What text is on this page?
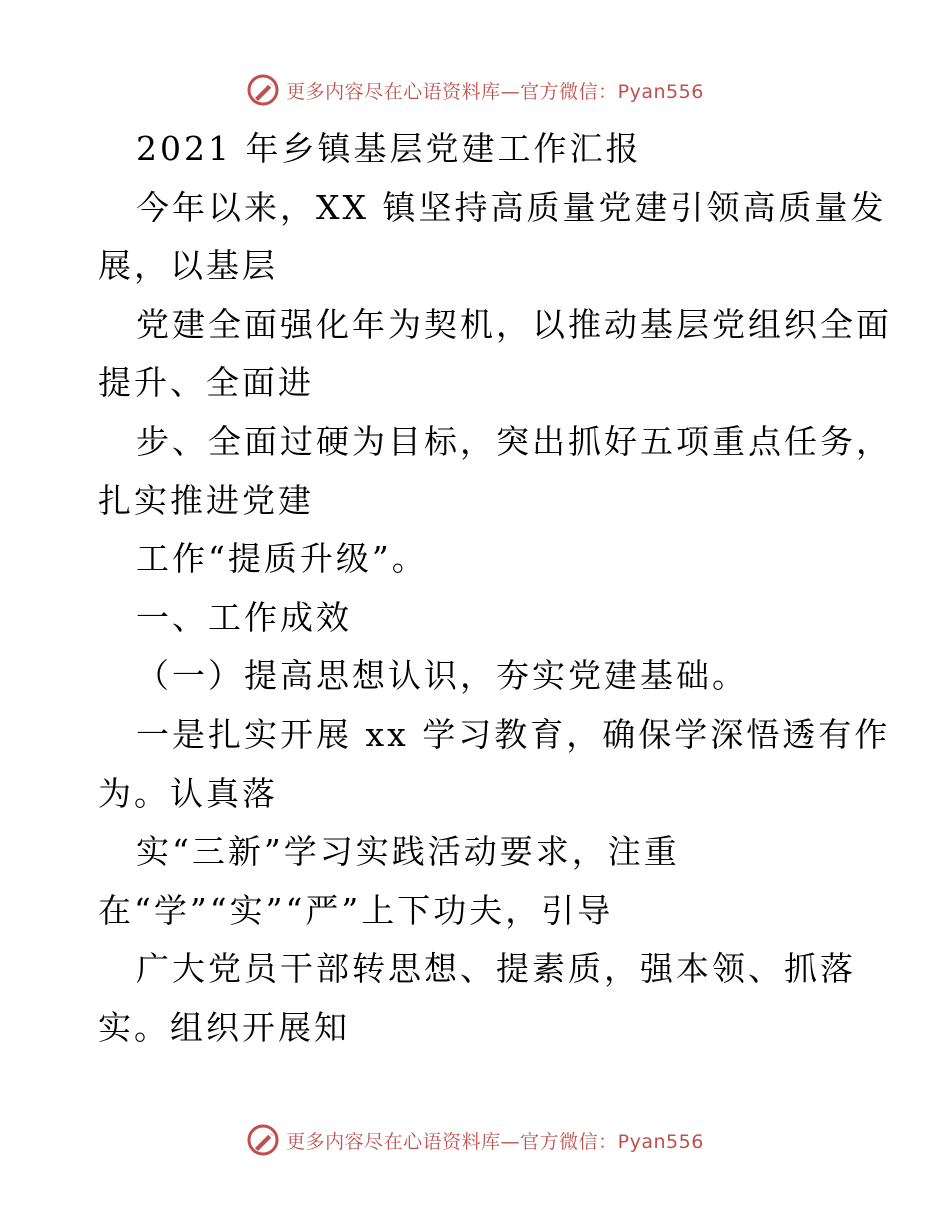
更多内容尽在心语资料库—官方微信：Pyan556
2021 年乡镇基层党建工作汇报
今年以来，XX 镇坚持高质量党建引领高质量发
展，以基层
党建全面强化年为契机，以推动基层党组织全面
提升、全面进
步、全面过硬为目标，突出抓好五项重点任务，
扎实推进党建
工作“提质升级”。
一、工作成效
（一）提高思想认识，夯实党建基础。
一是扎实开展 xx 学习教育，确保学深悟透有作
为。认真落
实“三新”学习实践活动要求，注重
在“学”“实”“严”上下功夫，引导
广大党员干部转思想、提素质，强本领、抓落
实。组织开展知
更多内容尽在心语资料库—官方微信：Pyan556
